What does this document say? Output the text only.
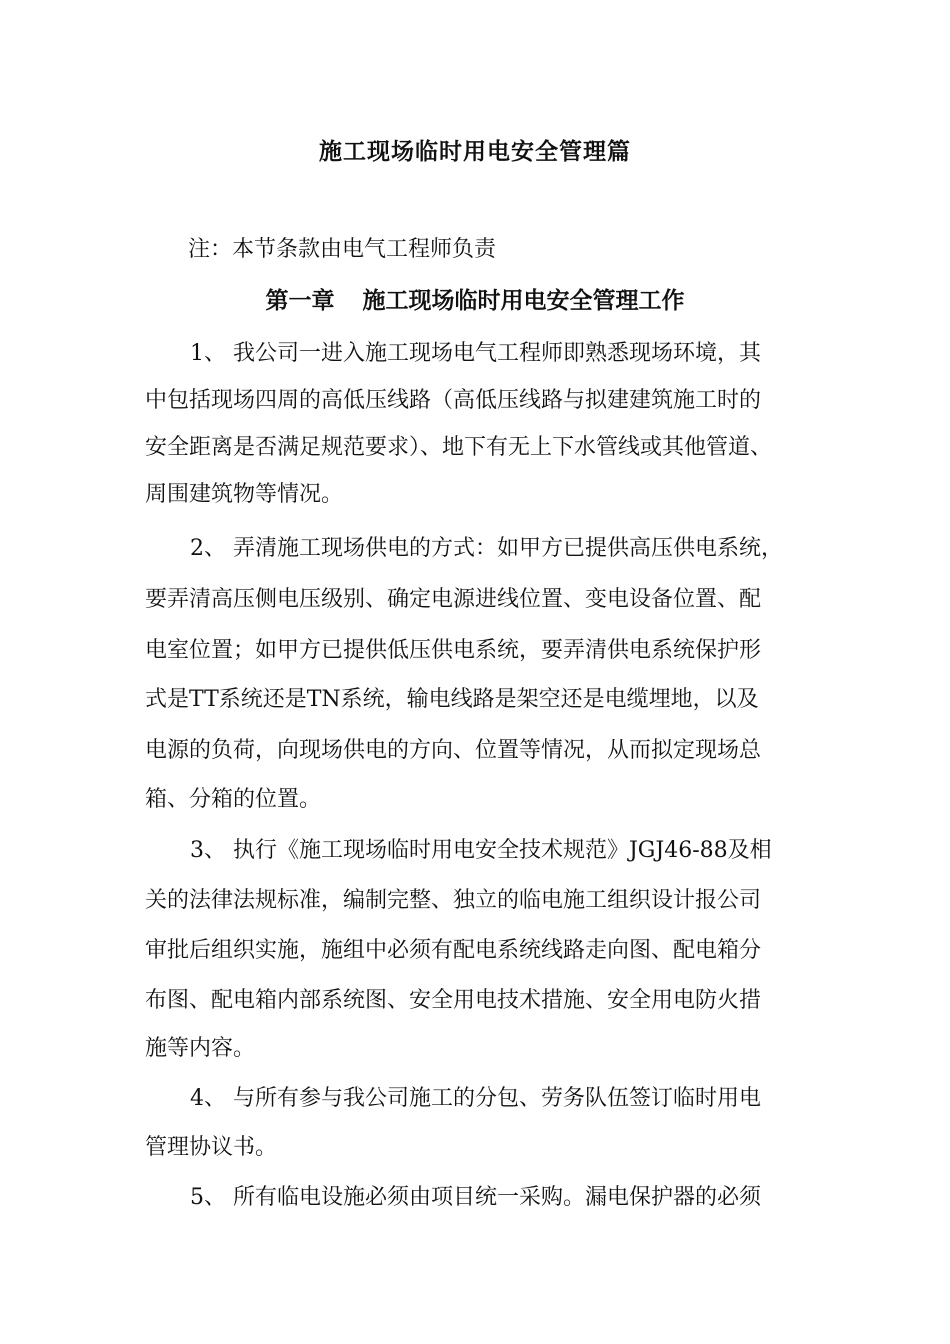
施工现场临时用电安全管理篇
注：本节条款由电气工程师负责
第一章 施工现场临时用电安全管理工作
1、 我公司一进入施工现场电气工程师即熟悉现场环境，其
中包括现场四周的高低压线路（高低压线路与拟建建筑施工时的
安全距离是否满足规范要求）、地下有无上下水管线或其他管道、
周围建筑物等情况。
2、 弄清施工现场供电的方式：如甲方已提供高压供电系统，
要弄清高压侧电压级别、确定电源进线位置、变电设备位置、配
电室位置；如甲方已提供低压供电系统，要弄清供电系统保护形
式是TT系统还是TN系统，输电线路是架空还是电缆埋地，以及
电源的负荷，向现场供电的方向、位置等情况，从而拟定现场总
箱、分箱的位置。
3、 执行《施工现场临时用电安全技术规范》JGJ46-88及相
关的法律法规标准，编制完整、独立的临电施工组织设计报公司
审批后组织实施，施组中必须有配电系统线路走向图、配电箱分
布图、配电箱内部系统图、安全用电技术措施、安全用电防火措
施等内容。
4、 与所有参与我公司施工的分包、劳务队伍签订临时用电
管理协议书。
5、 所有临电设施必须由项目统一采购。漏电保护器的必须
